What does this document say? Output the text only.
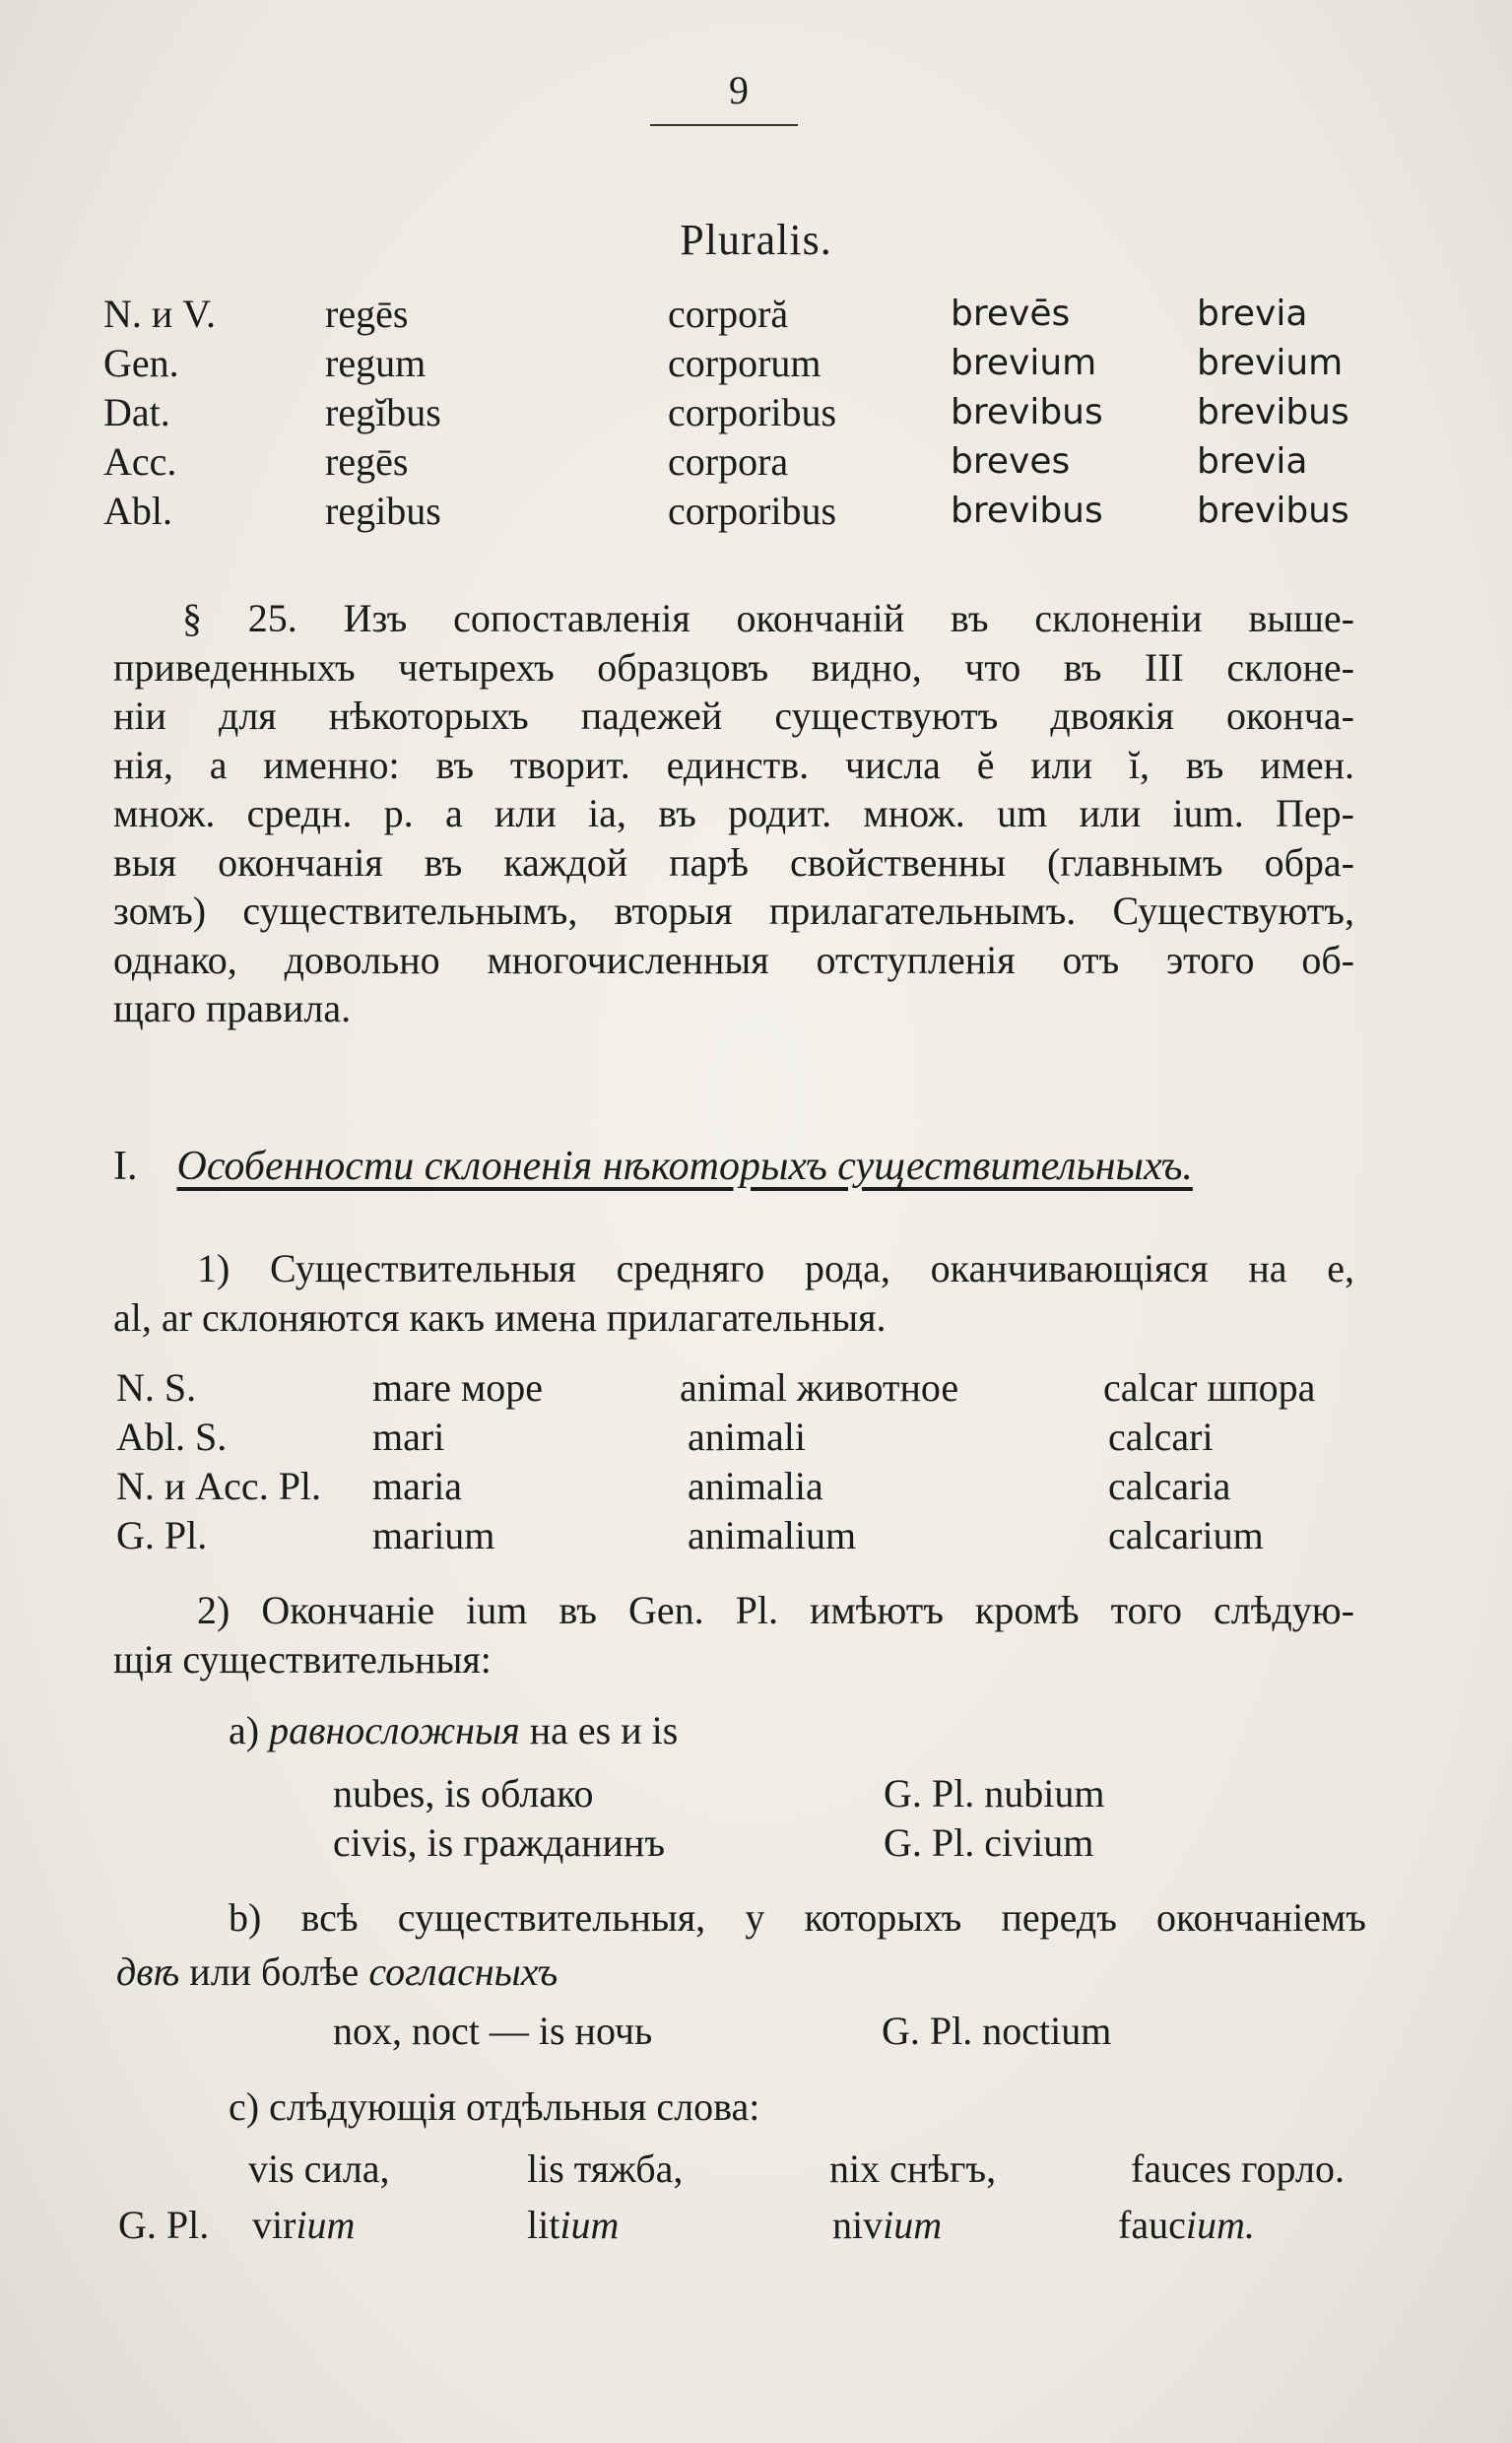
9
Pluralis.
N. и V.	regēs	corporă	brevēs	brevia
Gen.	regum	corporum	brevium	brevium
Dat.	regĭbus	corporibus	brevibus	brevibus
Acc.	regēs	corpora	breves	brevia
Abl.	regibus	corporibus	brevibus	brevibus
§ 25. Изъ сопоставленія окончаній въ склоненіи выше-
приведенныхъ четырехъ образцовъ видно, что въ III склоне-
ніи для нѣкоторыхъ падежей существуютъ двоякія оконча-
нія, а именно: въ творит. единств. числа ĕ или ĭ, въ имен.
множ. средн. р. а или ia, въ родит. множ. um или ium. Пер-
выя окончанія въ каждой парѣ свойственны (главнымъ обра-
зомъ) существительнымъ, вторыя прилагательнымъ. Существуютъ,
однако, довольно многочисленныя отступленія отъ этого об-
щаго правила.
I. Особенности склоненія нѣкоторыхъ существительныхъ.
1) Существительныя средняго рода, оканчивающіяся на e,
al, ar склоняются какъ имена прилагательныя.
N. S.	mare море	animal животное	calcar шпора
Abl. S.	mari	animali	calcari
N. и Acc. Pl. maria	animalia	calcaria
G. Pl.	marium	animalium	calcarium
2) Окончаніе ium въ Gen. Pl. имѣютъ кромѣ того слѣдую-
щія существительныя:
a) равносложныя на es и is
nubes, is облако	G. Pl. nubium
civis, is гражданинъ	G. Pl. civium
b) всѣ существительныя, у которыхъ передъ окончаніемъ
двѣ или болѣе согласныхъ
nox, noct — is ночь	G. Pl. noctium
c) слѣдующія отдѣльныя слова:
vis сила,	lis тяжба,	nix снѣгъ,	fauces горло.
G. Pl. virium	litium	nivium	faucium.
